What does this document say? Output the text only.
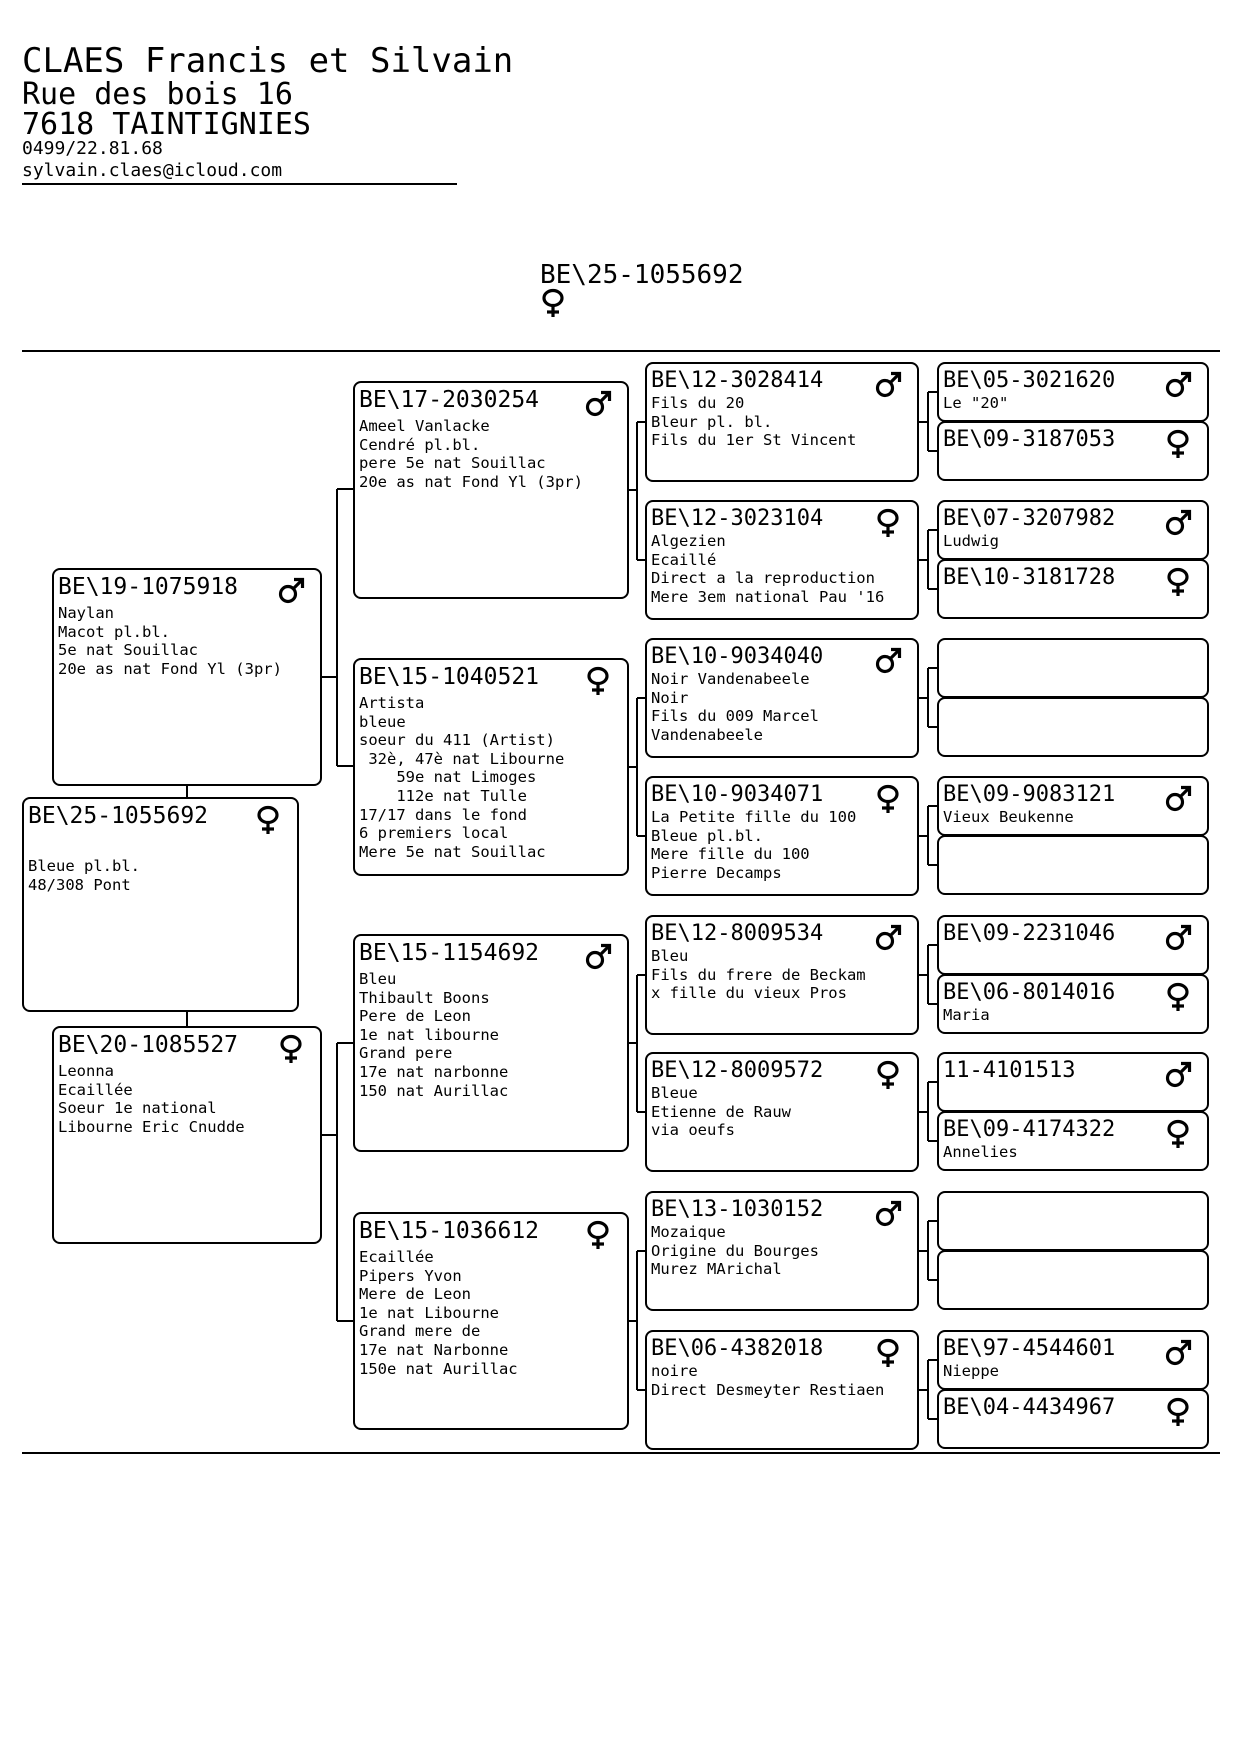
CLAES Francis et Silvain
Rue des bois 16
7618 TAINTIGNIES
0499/22.81.68
sylvain.claes@icloud.com
BE\25-1055692
BE\25-1055692
Bleue pl.bl.
48/308 Pont
BE\19-1075918
Naylan
Macot pl.bl.
5e nat Souillac
20e as nat Fond Yl (3pr)
BE\20-1085527
Leonna
Ecaillée
Soeur 1e national
Libourne Eric Cnudde
BE\17-2030254
Ameel Vanlacke
Cendré pl.bl.
pere 5e nat Souillac
20e as nat Fond Yl (3pr)
BE\15-1040521
Artista
bleue
soeur du 411 (Artist)
32è, 47è nat Libourne
59e nat Limoges
112e nat Tulle
17/17 dans le fond
6 premiers local
Mere 5e nat Souillac
BE\15-1154692
Bleu
Thibault Boons
Pere de Leon
1e nat libourne
Grand pere
17e nat narbonne
150 nat Aurillac
BE\15-1036612
Ecaillée
Pipers Yvon
Mere de Leon
1e nat Libourne
Grand mere de
17e nat Narbonne
150e nat Aurillac
BE\12-3028414
Fils du 20
Bleur pl. bl.
Fils du 1er St Vincent
BE\12-3023104
Algezien
Ecaillé
Direct a la reproduction
Mere 3em national Pau '16
BE\10-9034040
Noir Vandenabeele
Noir
Fils du 009 Marcel
Vandenabeele
BE\10-9034071
La Petite fille du 100
Bleue pl.bl.
Mere fille du 100
Pierre Decamps
BE\12-8009534
Bleu
Fils du frere de Beckam
x fille du vieux Pros
BE\12-8009572
Bleue
Etienne de Rauw
via oeufs
BE\13-1030152
Mozaique
Origine du Bourges
Murez MArichal
BE\06-4382018
noire
Direct Desmeyter Restiaen
BE\05-3021620
Le "20"
BE\09-3187053
BE\07-3207982
Ludwig
BE\10-3181728
BE\09-9083121
Vieux Beukenne
BE\09-2231046
BE\06-8014016
Maria
11-4101513
BE\09-4174322
Annelies
BE\97-4544601
Nieppe
BE\04-4434967
